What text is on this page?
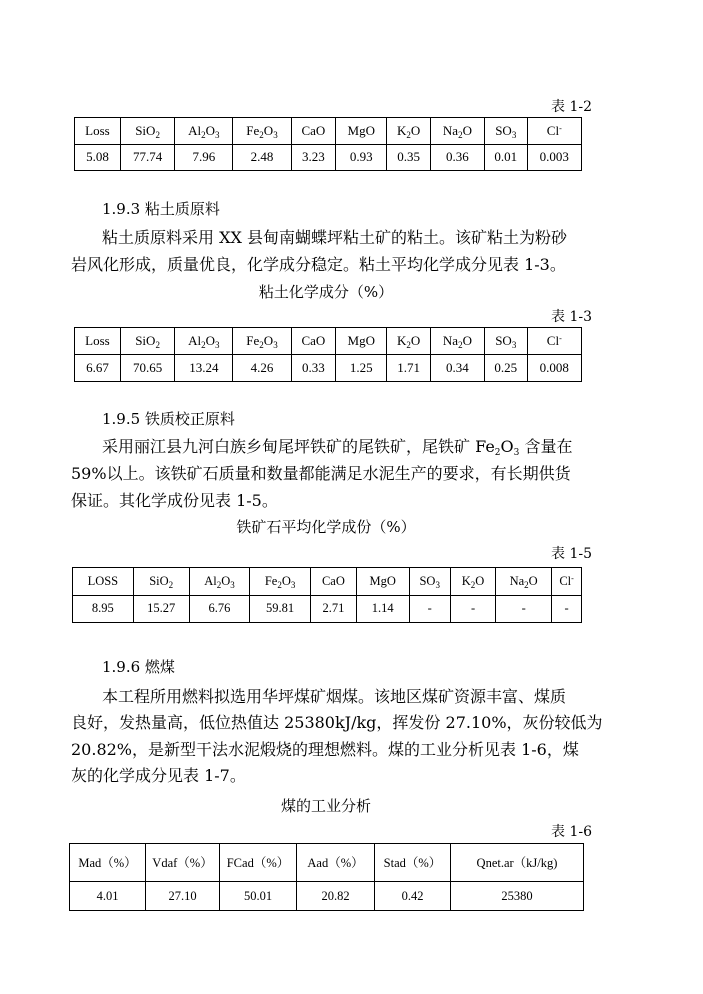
表 1-2
Loss	SiO$_2$	$Al_2O_3$	$Fe_2O_3$	CaO	MgO	$K_2O$	$Na_2O$	$SO_3$	Cl-
5.08	77.74	7.96	2.48	3.23	0.93	0.35	0.36	0.01	0.003
1.9.3 粘土质原料
粘土质原料采用 XX 县甸南蝴蝶坪粘土矿的粘土。该矿粘土为粉砂
岩风化形成，质量优良，化学成分稳定。粘土平均化学成分见表 1-3。
粘土化学成分（%）
表 1-3
Loss	SiO$_2$	$Al_2O_3$	$Fe_2O_3$	CaO	MgO	$K_2O$	$Na_2O$	$SO_3$	Cl-
6.67	70.65	13.24	4.26	0.33	1.25	1.71	0.34	0.25	0.008
1.9.5 铁质校正原料
采用丽江县九河白族乡甸尾坪铁矿的尾铁矿，尾铁矿 $Fe_2O_3$ 含量在
59%以上。该铁矿石质量和数量都能满足水泥生产的要求，有长期供货
保证。其化学成份见表 1-5。
铁矿石平均化学成份（%）
表 1-5
LOSS	SiO$_2$	$Al_2O_3$	$Fe_2O_3$	CaO	MgO	$SO_3$	$K_2O$	$Na_2O$	Cl-
8.95	15.27	6.76	59.81	2.71	1.14	-	-	-	-
1.9.6 燃煤
本工程所用燃料拟选用华坪煤矿烟煤。该地区煤矿资源丰富、煤质
良好，发热量高，低位热值达 25380kJ/kg，挥发份 27.10%，灰份较低为
20.82%，是新型干法水泥煅烧的理想燃料。煤的工业分析见表 1-6，煤
灰的化学成分见表 1-7。
煤的工业分析
表 1-6
Mad（%）	Vdaf（%）	FCad（%）	Aad（%）	Stad（%）	Qnet.ar（kJ/kg)
4.01	27.10	50.01	20.82	0.42	25380
